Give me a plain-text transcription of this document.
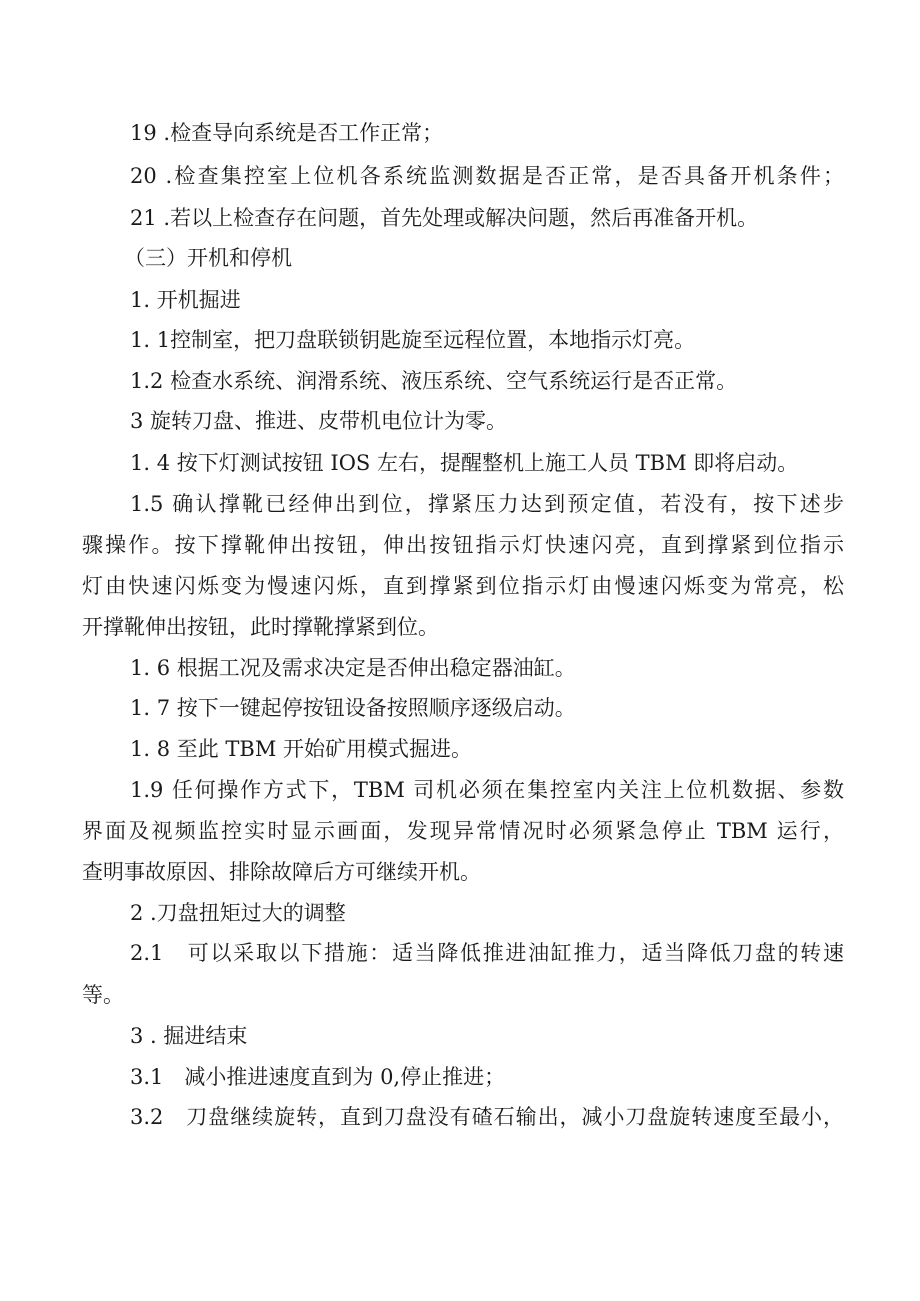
19 .检查导向系统是否工作正常；
20 .检查集控室上位机各系统监测数据是否正常，是否具备开机条件；
21 .若以上检查存在问题，首先处理或解决问题，然后再准备开机。
（三）开机和停机
1. 开机掘进
1. 1控制室，把刀盘联锁钥匙旋至远程位置，本地指示灯亮。
1.2 检查水系统、润滑系统、液压系统、空气系统运行是否正常。
3 旋转刀盘、推进、皮带机电位计为零。
1. 4 按下灯测试按钮 IOS 左右，提醒整机上施工人员 TBM 即将启动。
1.5 确认撑靴已经伸出到位，撑紧压力达到预定值，若没有，按下述步
骤操作。按下撑靴伸出按钮，伸出按钮指示灯快速闪亮，直到撑紧到位指示
灯由快速闪烁变为慢速闪烁，直到撑紧到位指示灯由慢速闪烁变为常亮，松
开撑靴伸出按钮，此时撑靴撑紧到位。
1. 6 根据工况及需求决定是否伸出稳定器油缸。
1. 7 按下一键起停按钮设备按照顺序逐级启动。
1. 8 至此 TBM 开始矿用模式掘进。
1.9 任何操作方式下，TBM 司机必须在集控室内关注上位机数据、参数
界面及视频监控实时显示画面，发现异常情况时必须紧急停止 TBM 运行，
查明事故原因、排除故障后方可继续开机。
2 .刀盘扭矩过大的调整
2.1　可以采取以下措施：适当降低推进油缸推力，适当降低刀盘的转速
等。
3 . 掘进结束
3.1　减小推进速度直到为 0,停止推进；
3.2　刀盘继续旋转，直到刀盘没有碴石输出，减小刀盘旋转速度至最小，
